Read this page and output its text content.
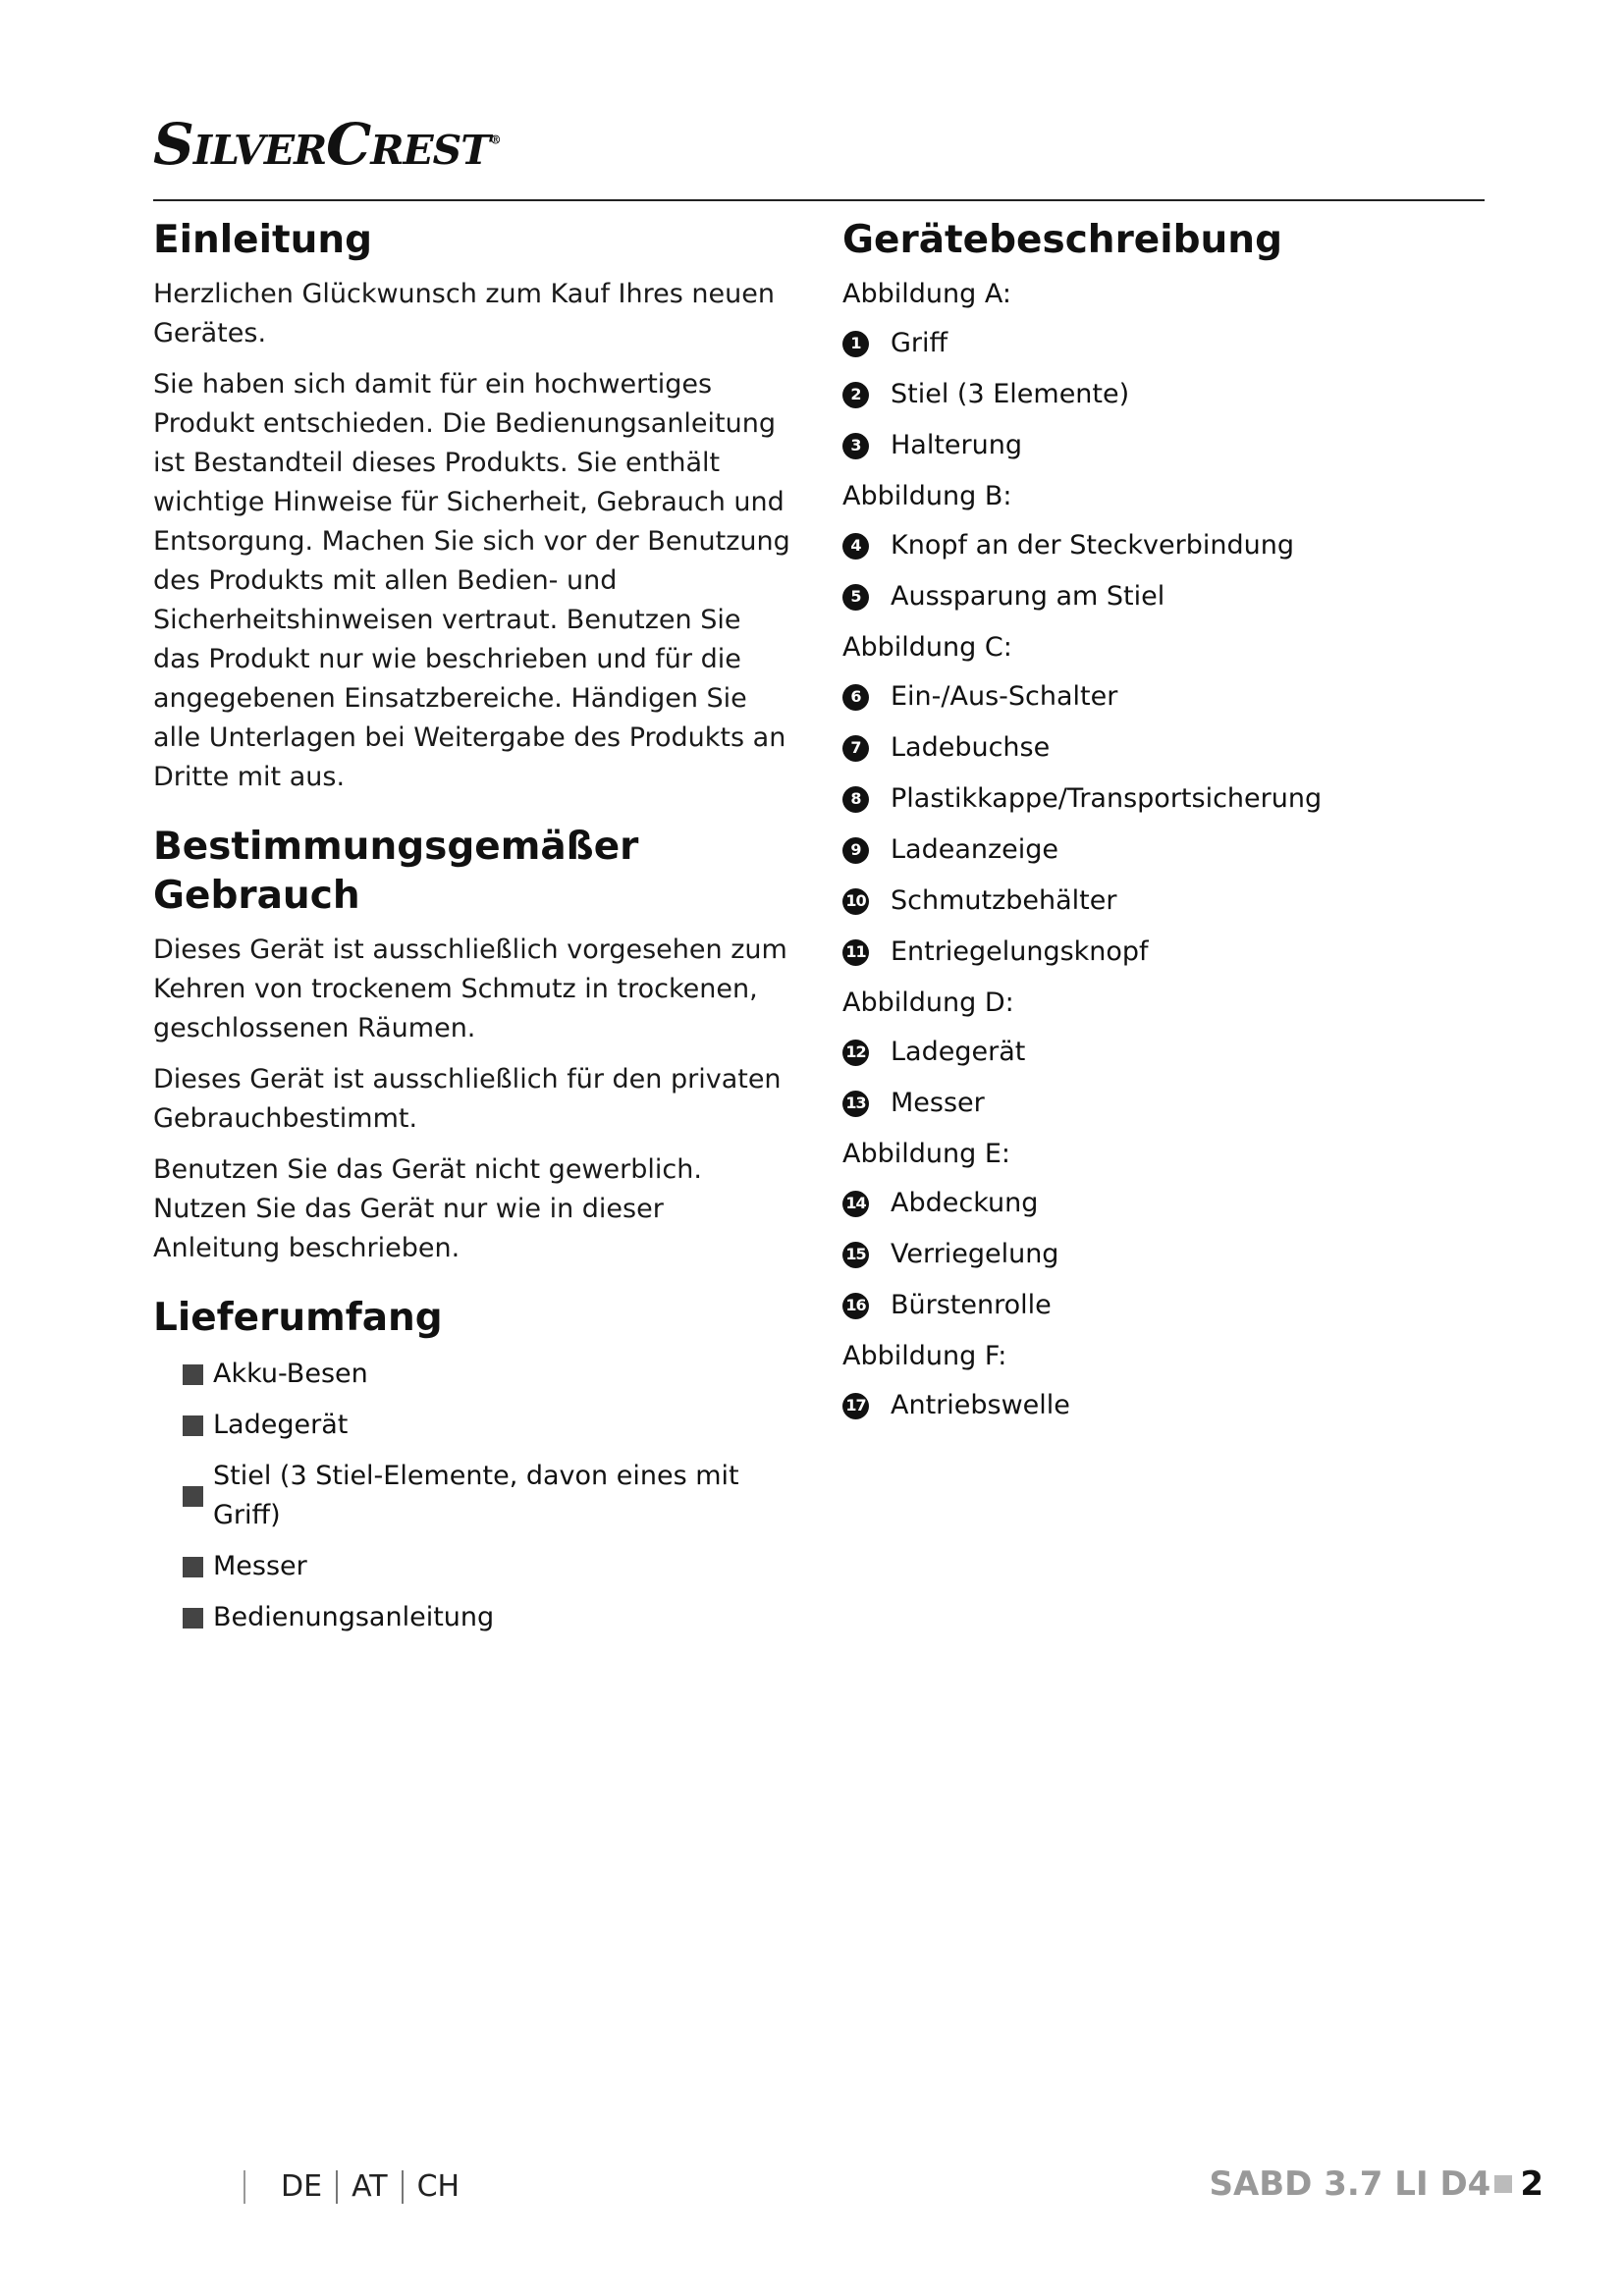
SilverCrest®
Einleitung

Herzlichen Glückwunsch zum Kauf Ihres neuen Gerätes.

Sie haben sich damit für ein hochwertiges Produkt entschieden. Die Bedienungsanleitung ist Bestandteil dieses Produkts. Sie enthält wichtige Hinweise für Sicherheit, Gebrauch und Entsorgung. Machen Sie sich vor der Benutzung des Produkts mit allen Bedien- und Sicherheitshinweisen vertraut. Benutzen Sie das Produkt nur wie beschrieben und für die angegebenen Einsatzbereiche. Händigen Sie alle Unterlagen bei Weitergabe des Produkts an Dritte mit aus.

Bestimmungsgemäßer Gebrauch

Dieses Gerät ist ausschließlich vorgesehen zum Kehren von trockenem Schmutz in trockenen, geschlossenen Räumen.

Dieses Gerät ist ausschließlich für den privaten Gebrauchbestimmt.

Benutzen Sie das Gerät nicht gewerblich. Nutzen Sie das Gerät nur wie in dieser Anleitung beschrieben.

Lieferumfang
Akku-Besen
Ladegerät
Stiel (3 Stiel-Elemente, davon eines mit Griff)
Messer
Bedienungsanleitung
Gerätebeschreibung
Abbildung A:
1	Griff
2	Stiel (3 Elemente)
3	Halterung
Abbildung B:
4	Knopf an der Steckverbindung
5	Aussparung am Stiel
Abbildung C:
6	Ein-/Aus-Schalter
7	Ladebuchse
8	Plastikkappe/Transportsicherung
9	Ladeanzeige
10 Schmutzbehälter
11 Entriegelungsknopf
Abbildung D:
12 Ladegerät
13 Messer
Abbildung E:
14 Abdeckung
15 Verriegelung
16 Bürstenrolle
Abbildung F:
17 Antriebswelle
DE AT CH	SABD 3.7 LI D4 2
